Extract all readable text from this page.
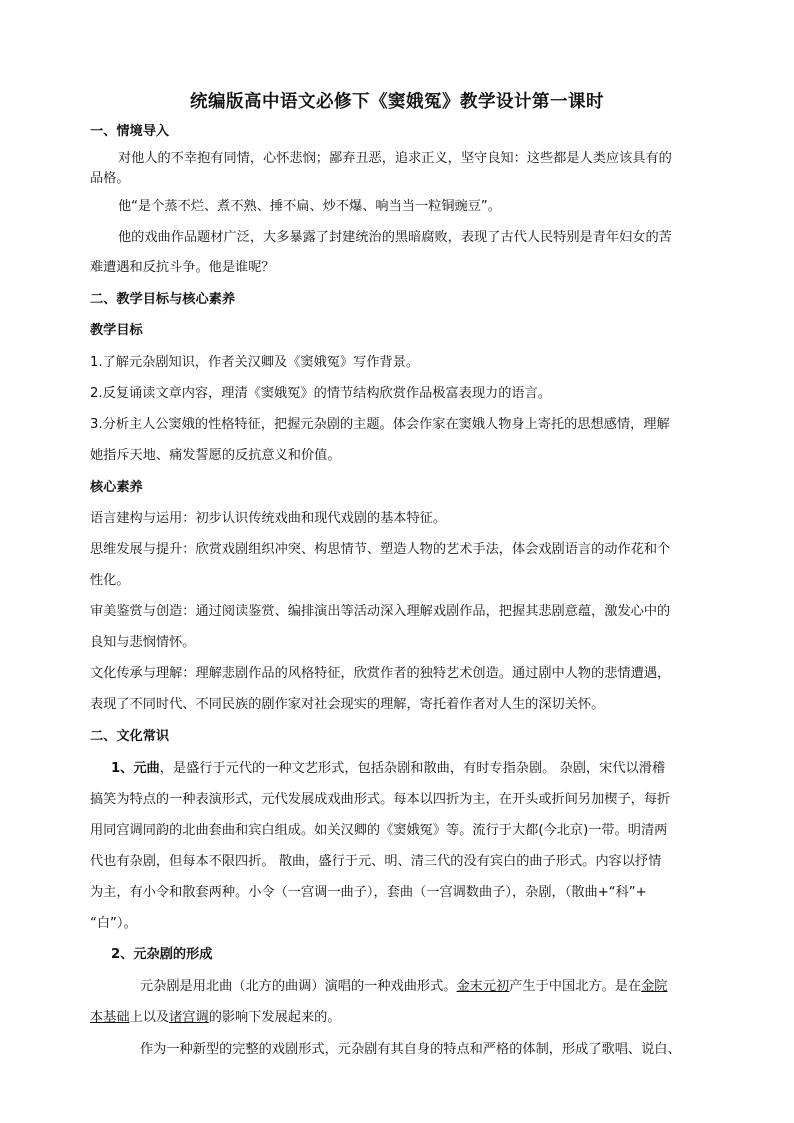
统编版高中语文必修下《窦娥冤》教学设计第一课时
一、情境导入
对他人的不幸抱有同情，心怀悲悯；鄙弃丑恶，追求正义，坚守良知：这些都是人类应该具有的
品格。
他“是个蒸不烂、煮不熟、捶不扁、炒不爆、响当当一粒铜豌豆”。
他的戏曲作品题材广泛，大多暴露了封建统治的黑暗腐败，表现了古代人民特别是青年妇女的苦
难遭遇和反抗斗争。他是谁呢？
二、教学目标与核心素养
教学目标
1.了解元杂剧知识，作者关汉卿及《窦娥冤》写作背景。
2.反复诵读文章内容，理清《窦娥冤》的情节结构欣赏作品极富表现力的语言。
3.分析主人公窦娥的性格特征，把握元杂剧的主题。体会作家在窦娥人物身上寄托的思想感情，理解
她指斥天地、痛发誓愿的反抗意义和价值。
核心素养
语言建构与运用：初步认识传统戏曲和现代戏剧的基本特征。
思维发展与提升：欣赏戏剧组织冲突、构思情节、塑造人物的艺术手法，体会戏剧语言的动作花和个
性化。
审美鉴赏与创造：通过阅读鉴赏、编排演出等活动深入理解戏剧作品，把握其悲剧意蕴，激发心中的
良知与悲悯情怀。
文化传承与理解：理解悲剧作品的风格特征，欣赏作者的独特艺术创造。通过剧中人物的悲情遭遇，
表现了不同时代、不同民族的剧作家对社会现实的理解，寄托着作者对人生的深切关怀。
二、文化常识
1、元曲，是盛行于元代的一种文艺形式，包括杂剧和散曲，有时专指杂剧。 杂剧，宋代以滑稽
搞笑为特点的一种表演形式，元代发展成戏曲形式。每本以四折为主，在开头或折间另加楔子，每折
用同宫调同韵的北曲套曲和宾白组成。如关汉卿的《窦娥冤》等。流行于大都(今北京)一带。明清两
代也有杂剧，但每本不限四折。 散曲，盛行于元、明、清三代的没有宾白的曲子形式。内容以抒情
为主，有小令和散套两种。小令（一宫调一曲子），套曲（一宫调数曲子），杂剧，（散曲+“科”+
“白”）。
2、元杂剧的形成
元杂剧是用北曲（北方的曲调）演唱的一种戏曲形式。金末元初产生于中国北方。是在金院
本基础上以及诸宫调的影响下发展起来的。
作为一种新型的完整的戏剧形式，元杂剧有其自身的特点和严格的体制，形成了歌唱、说白、
